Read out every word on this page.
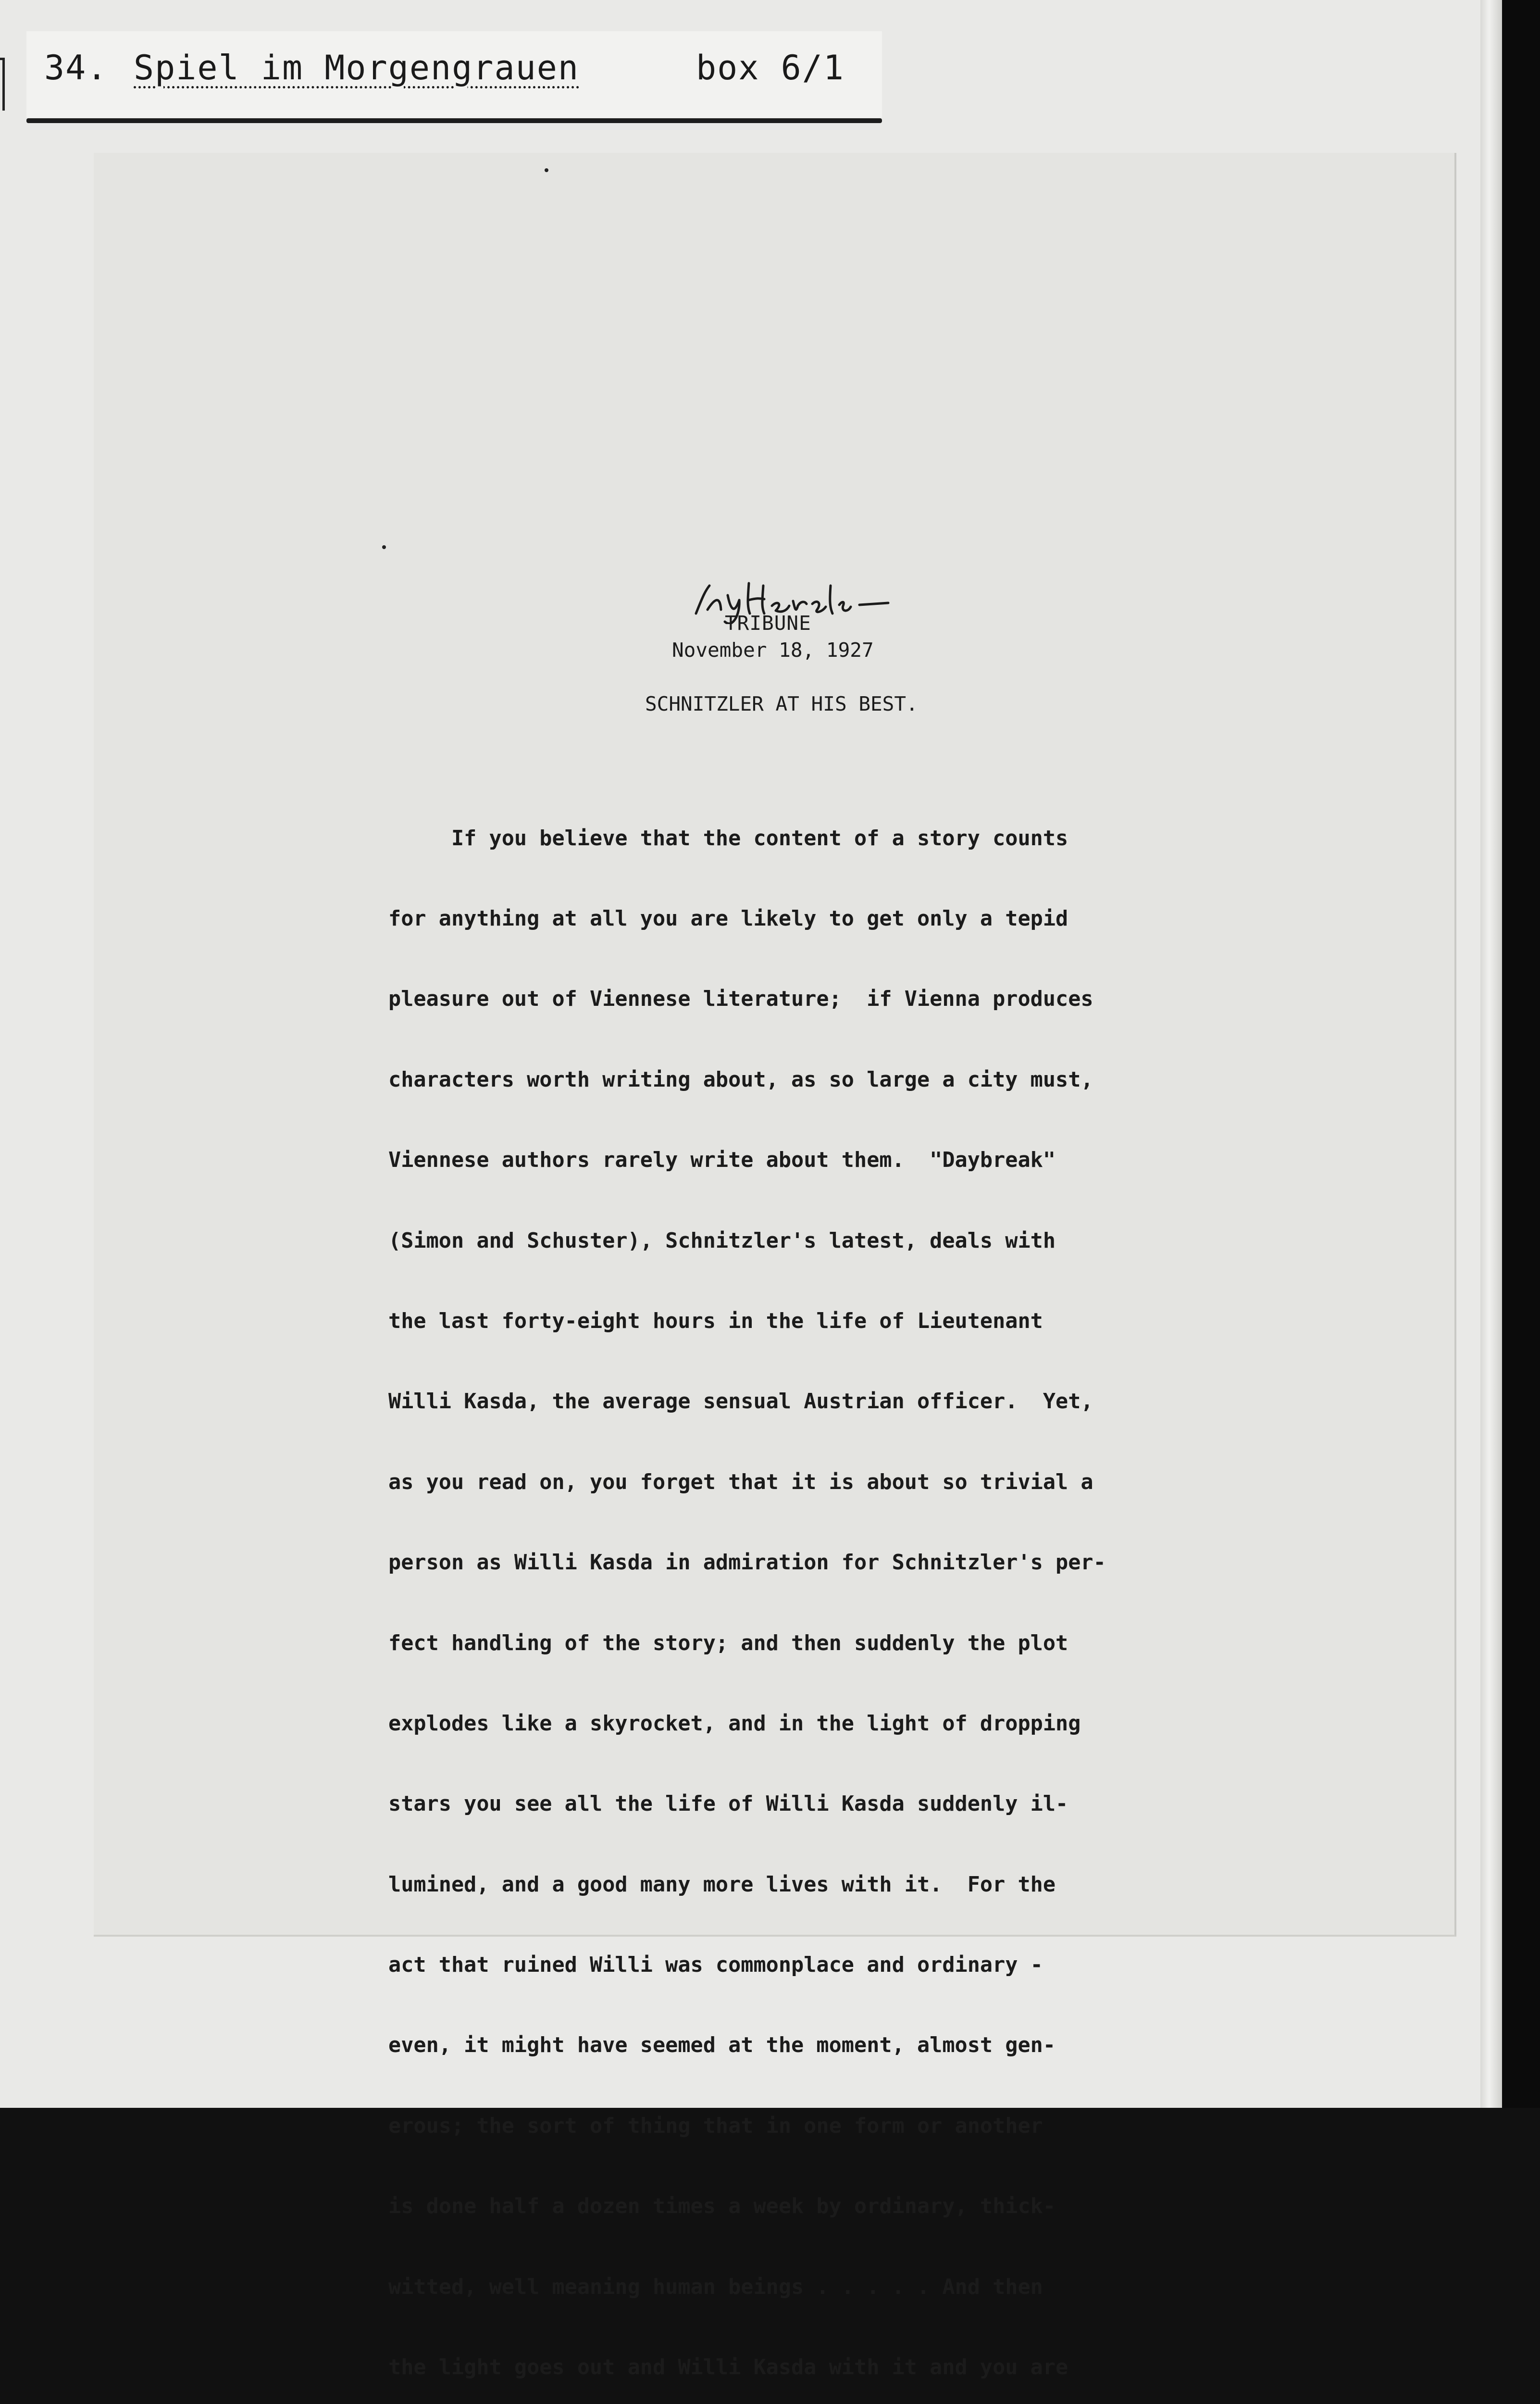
34. Spiel im Morgengrauen	box 6/1
TRIBUNE
November 18, 1927
SCHNITZLER AT HIS BEST.

If you believe that the content of a story counts

for anything at all you are likely to get only a tepid

pleasure out of Viennese literature;  if Vienna produces

characters worth writing about, as so large a city must,

Viennese authors rarely write about them.  "Daybreak"

(Simon and Schuster), Schnitzler's latest, deals with

the last forty-eight hours in the life of Lieutenant

Willi Kasda, the average sensual Austrian officer.  Yet,

as you read on, you forget that it is about so trivial a

person as Willi Kasda in admiration for Schnitzler's per-

fect handling of the story; and then suddenly the plot

explodes like a skyrocket, and in the light of dropping

stars you see all the life of Willi Kasda suddenly il-

lumined, and a good many more lives with it.  For the

act that ruined Willi was commonplace and ordinary -

even, it might have seemed at the moment, almost gen-

erous; the sort of thing that in one form or another

is done half a dozen times a week by ordinary, thick-

witted, well meaning human beings . . . . . And then

the light goes out and Willi Kasda with it and you are
